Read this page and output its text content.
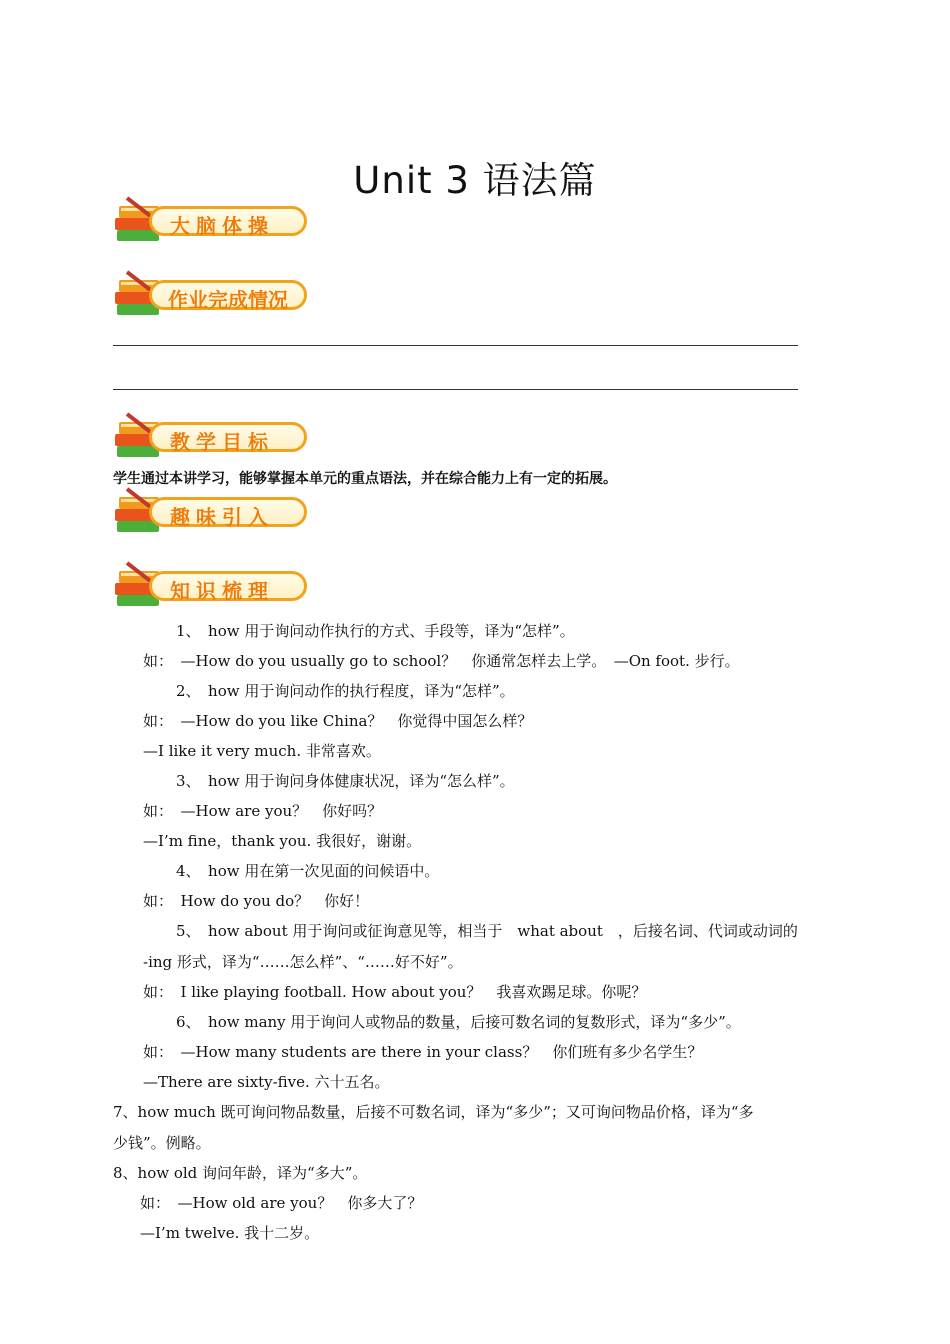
Unit 3 语法篇
大脑体操
作业完成情况
教学目标
学生通过本讲学习，能够掌握本单元的重点语法，并在综合能力上有一定的拓展。
趣味引入
知识梳理
1、　how 用于询问动作执行的方式、手段等，译为“怎样”。
如：　—How do you usually go to school？　你通常怎样去上学。　—On foot. 步行。
2、　how 用于询问动作的执行程度，译为“怎样”。
如：　—How do you like China？　你觉得中国怎么样？
—I like it very much. 非常喜欢。
3、　how 用于询问身体健康状况，译为“怎么样”。
如：　—How are you？　你好吗？
—I’m fine，thank you. 我很好，谢谢。
4、　how 用在第一次见面的问候语中。
如：　How do you do？　你好！
5、　how about 用于询问或征询意见等，相当于　what about　，后接名词、代词或动词的
-ing 形式，译为“……怎么样”、“……好不好”。
如：　I like playing football. How about you？　我喜欢踢足球。你呢？
6、　how many 用于询问人或物品的数量，后接可数名词的复数形式，译为“多少”。
如：　—How many students are there in your class？　你们班有多少名学生？
—There are sixty-five. 六十五名。
7、how much 既可询问物品数量，后接不可数名词，译为“多少”；又可询问物品价格，译为“多
少钱”。例略。
8、how old 询问年龄，译为“多大”。
如：　—How old are you？　你多大了？
—I’m twelve. 我十二岁。
